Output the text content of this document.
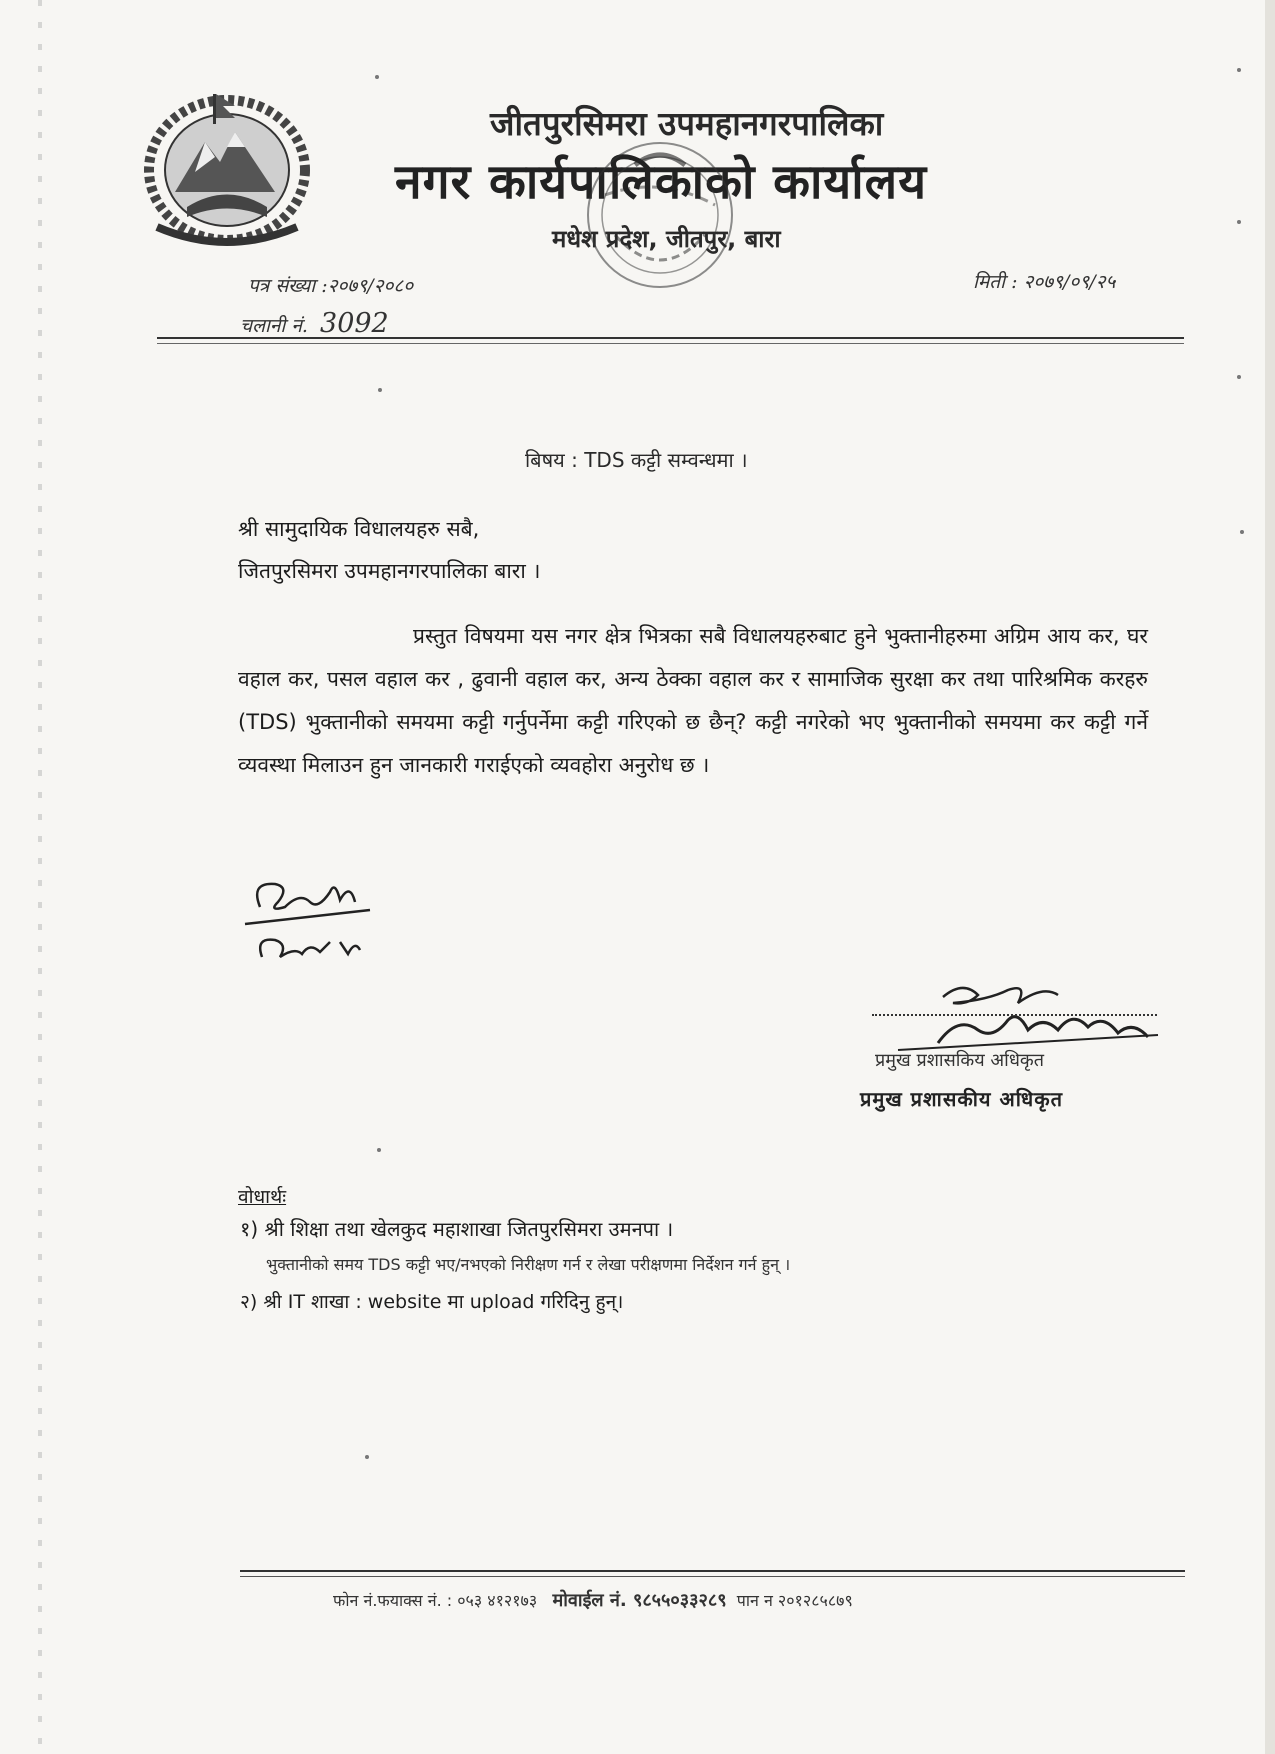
जीतपुरसिमरा उपमहानगरपालिका
नगर कार्यपालिकाको कार्यालय
मधेश प्रदेश, जीतपुर, बारा
पत्र संख्या :२०७९/२०८०
चलानी नं. 3092
मिती : २०७९/०९/२५
बिषय : TDS कट्टी सम्वन्धमा ।
श्री सामुदायिक विधालयहरु सबै,
जितपुरसिमरा उपमहानगरपालिका बारा ।

प्रस्तुत विषयमा यस नगर क्षेत्र भित्रका सबै विधालयहरुबाट हुने भुक्तानीहरुमा अग्रिम आय कर, घर वहाल कर, पसल वहाल कर , ढुवानी वहाल कर, अन्य ठेक्का वहाल कर र सामाजिक सुरक्षा कर तथा पारिश्रमिक करहरु (TDS) भुक्तानीको समयमा कट्टी गर्नुपर्नेमा कट्टी गरिएको छ छैन्? कट्टी नगरेको भए भुक्तानीको समयमा कर कट्टी गर्ने व्यवस्था मिलाउन हुन जानकारी गराईएको व्यवहोरा अनुरोध छ ।

प्रमुख प्रशासकिय अधिकृत
प्रमुख प्रशासकीय अधिकृत
वोधार्थः
१) श्री शिक्षा तथा खेलकुद महाशाखा जितपुरसिमरा उमनपा ।
भुक्तानीको समय TDS कट्टी भए/नभएको निरीक्षण गर्न र लेखा परीक्षणमा निर्देशन गर्न हुन् ।
२) श्री IT शाखा : website मा upload गरिदिनु हुन्।
फोन नं.फयाक्स नं. : ०५३ ४१२१७३ मोवाईल नं. ९८५५०३३२८९ पान न २०१२८५८७९
